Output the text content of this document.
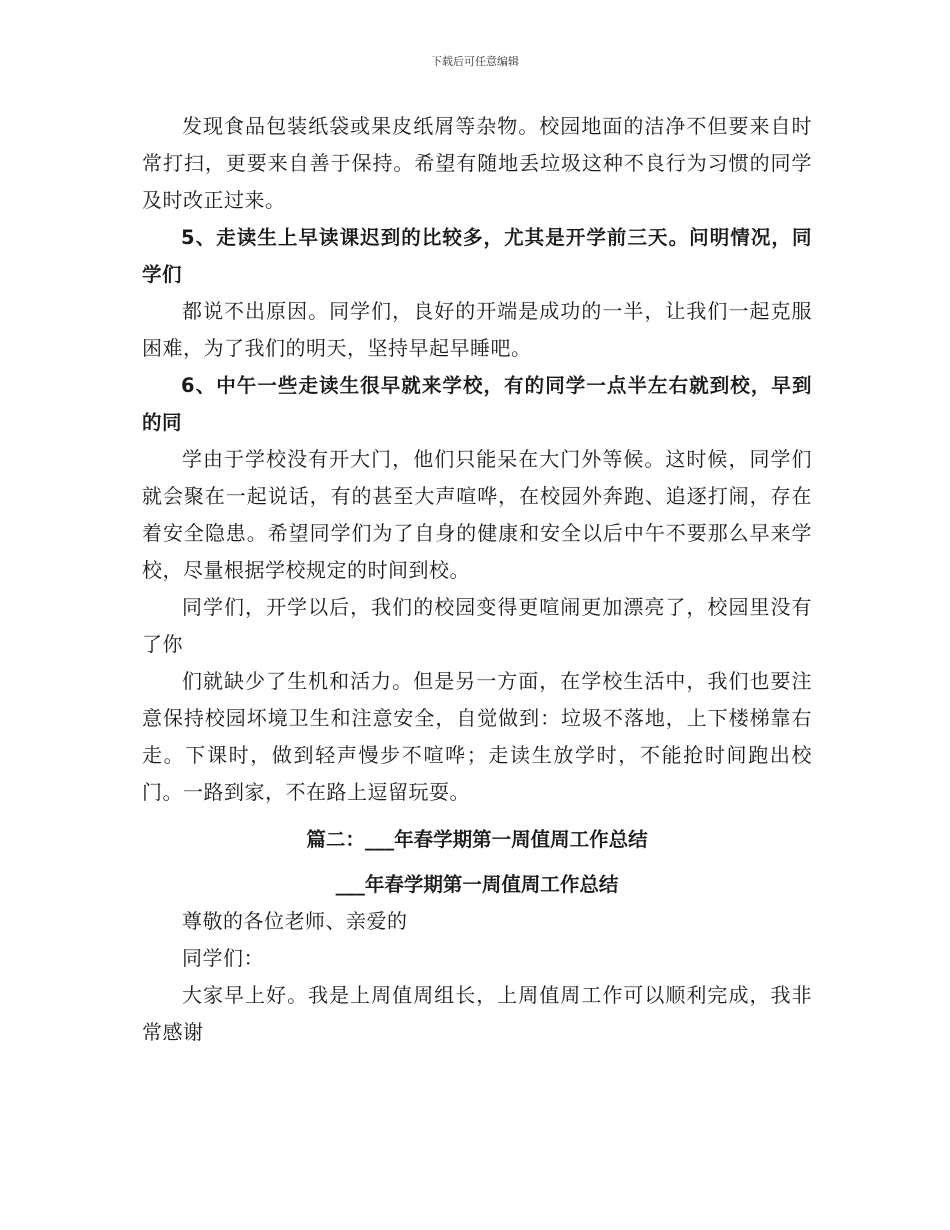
下载后可任意编辑

发现食品包装纸袋或果皮纸屑等杂物。校园地面的洁净不但要来自时常打扫，更要来自善于保持。希望有随地丢垃圾这种不良行为习惯的同学及时改正过来。

5、走读生上早读课迟到的比较多，尤其是开学前三天。问明情况，同学们

都说不出原因。同学们，良好的开端是成功的一半，让我们一起克服困难，为了我们的明天，坚持早起早睡吧。

6、中午一些走读生很早就来学校，有的同学一点半左右就到校，早到的同

学由于学校没有开大门，他们只能呆在大门外等候。这时候，同学们就会聚在一起说话，有的甚至大声喧哗，在校园外奔跑、追逐打闹，存在着安全隐患。希望同学们为了自身的健康和安全以后中午不要那么早来学校，尽量根据学校规定的时间到校。

同学们，开学以后，我们的校园变得更喧闹更加漂亮了，校园里没有了你

们就缺少了生机和活力。但是另一方面，在学校生活中，我们也要注意保持校园坏境卫生和注意安全，自觉做到：垃圾不落地，上下楼梯靠右走。下课时，做到轻声慢步不喧哗；走读生放学时，不能抢时间跑出校门。一路到家，不在路上逗留玩耍。

篇二：___年春学期第一周值周工作总结

___年春学期第一周值周工作总结

尊敬的各位老师、亲爱的

同学们：

大家早上好。我是上周值周组长，上周值周工作可以顺利完成，我非常感谢
